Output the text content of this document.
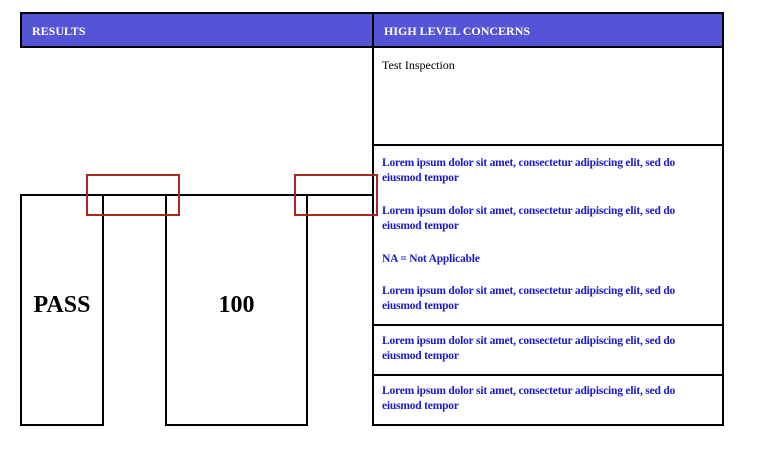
RESULTS	HIGH LEVEL CONCERNS
PASS	100
Test Inspection
Lorem ipsum dolor sit amet, consectetur adipiscing elit, sed do eiusmod tempor
Lorem ipsum dolor sit amet, consectetur adipiscing elit, sed do eiusmod tempor
NA = Not Applicable
Lorem ipsum dolor sit amet, consectetur adipiscing elit, sed do eiusmod tempor
Lorem ipsum dolor sit amet, consectetur adipiscing elit, sed do eiusmod tempor
Lorem ipsum dolor sit amet, consectetur adipiscing elit, sed do eiusmod tempor
